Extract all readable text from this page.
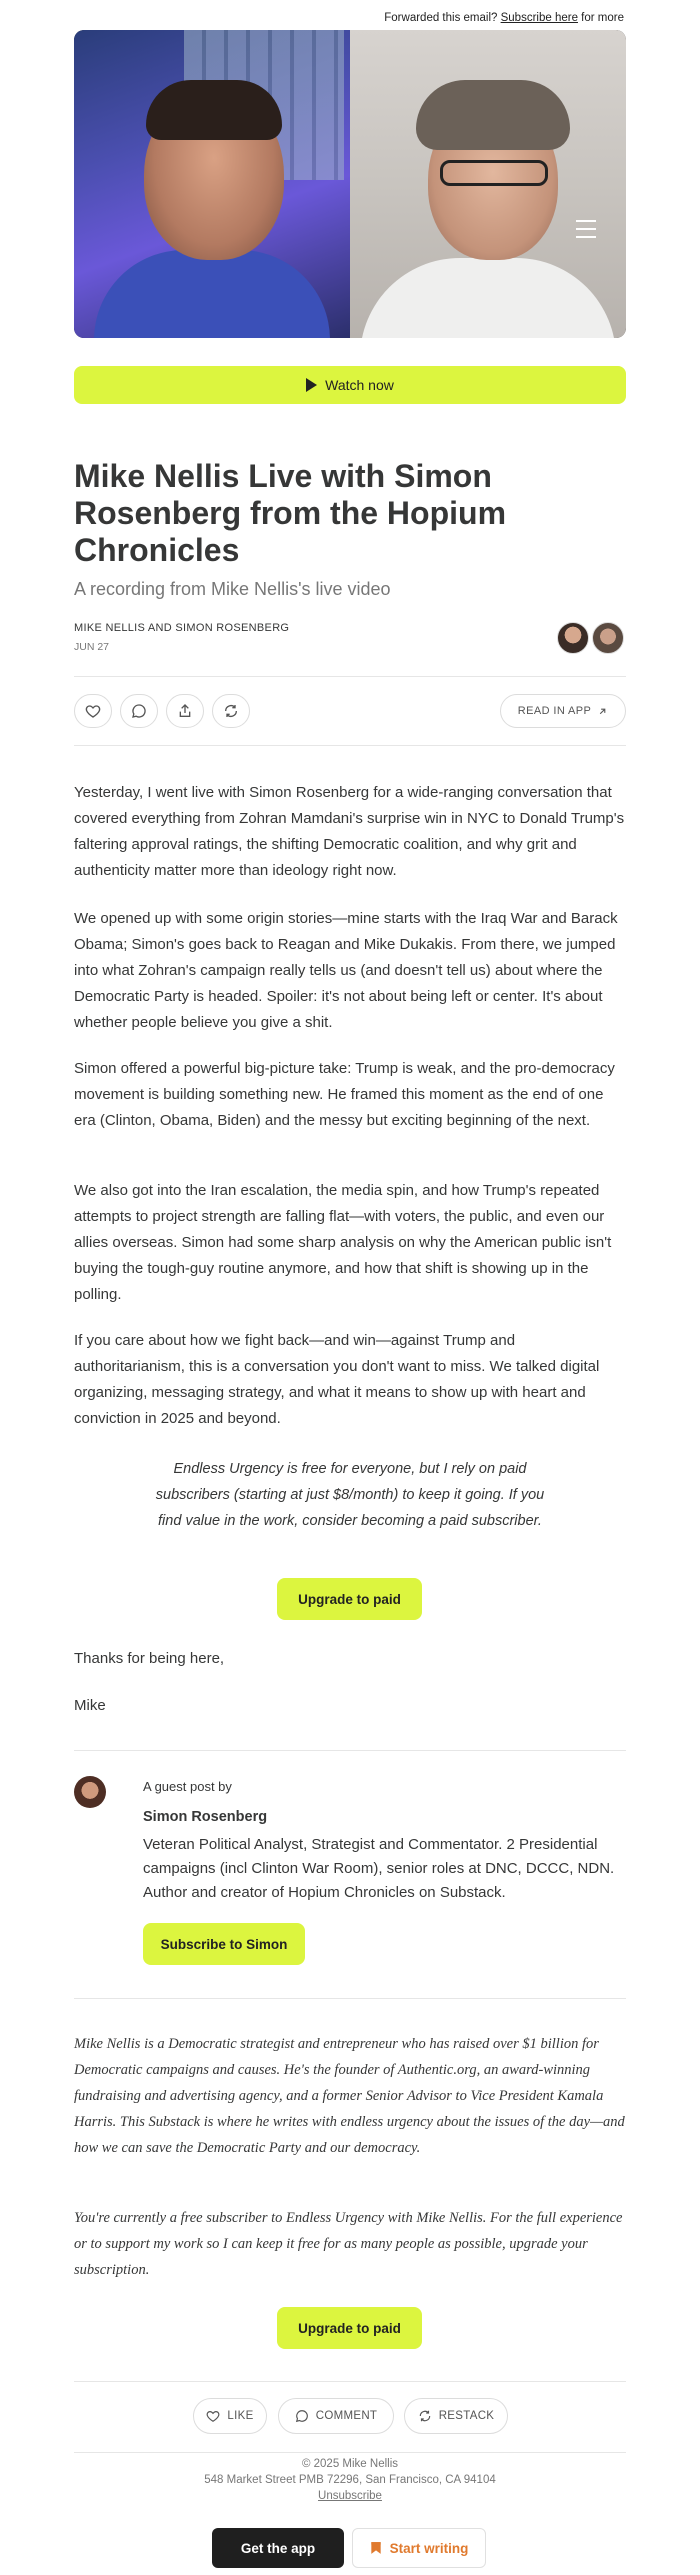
Forwarded this email? Subscribe here for more
Watch now
Mike Nellis Live with Simon Rosenberg from the Hopium Chronicles
A recording from Mike Nellis's live video
MIKE NELLIS AND SIMON ROSENBERG
JUN 27
READ IN APP

Yesterday, I went live with Simon Rosenberg for a wide-ranging conversation that covered everything from Zohran Mamdani's surprise win in NYC to Donald Trump's faltering approval ratings, the shifting Democratic coalition, and why grit and authenticity matter more than ideology right now.

We opened up with some origin stories—mine starts with the Iraq War and Barack Obama; Simon's goes back to Reagan and Mike Dukakis. From there, we jumped into what Zohran's campaign really tells us (and doesn't tell us) about where the Democratic Party is headed. Spoiler: it's not about being left or center. It's about whether people believe you give a shit.

Simon offered a powerful big-picture take: Trump is weak, and the pro-democracy movement is building something new. He framed this moment as the end of one era (Clinton, Obama, Biden) and the messy but exciting beginning of the next.

We also got into the Iran escalation, the media spin, and how Trump's repeated attempts to project strength are falling flat—with voters, the public, and even our allies overseas. Simon had some sharp analysis on why the American public isn't buying the tough-guy routine anymore, and how that shift is showing up in the polling.

If you care about how we fight back—and win—against Trump and authoritarianism, this is a conversation you don't want to miss. We talked digital organizing, messaging strategy, and what it means to show up with heart and conviction in 2025 and beyond.

Endless Urgency is free for everyone, but I rely on paid subscribers (starting at just $8/month) to keep it going. If you find value in the work, consider becoming a paid subscriber.

Upgrade to paid
Thanks for being here,
Mike
A guest post by
Simon Rosenberg

Veteran Political Analyst, Strategist and Commentator. 2 Presidential campaigns (incl Clinton War Room), senior roles at DNC, DCCC, NDN. Author and creator of Hopium Chronicles on Substack.

Subscribe to Simon

Mike Nellis is a Democratic strategist and entrepreneur who has raised over $1 billion for Democratic campaigns and causes. He's the founder of Authentic.org, an award-winning fundraising and advertising agency, and a former Senior Advisor to Vice President Kamala Harris. This Substack is where he writes with endless urgency about the issues of the day—and how we can save the Democratic Party and our democracy.

You're currently a free subscriber to Endless Urgency with Mike Nellis. For the full experience or to support my work so I can keep it free for as many people as possible, upgrade your subscription.

Upgrade to paid
LIKE	COMMENT	RESTACK
© 2025 Mike Nellis
548 Market Street PMB 72296, San Francisco, CA 94104
Unsubscribe
Get the app	Start writing
